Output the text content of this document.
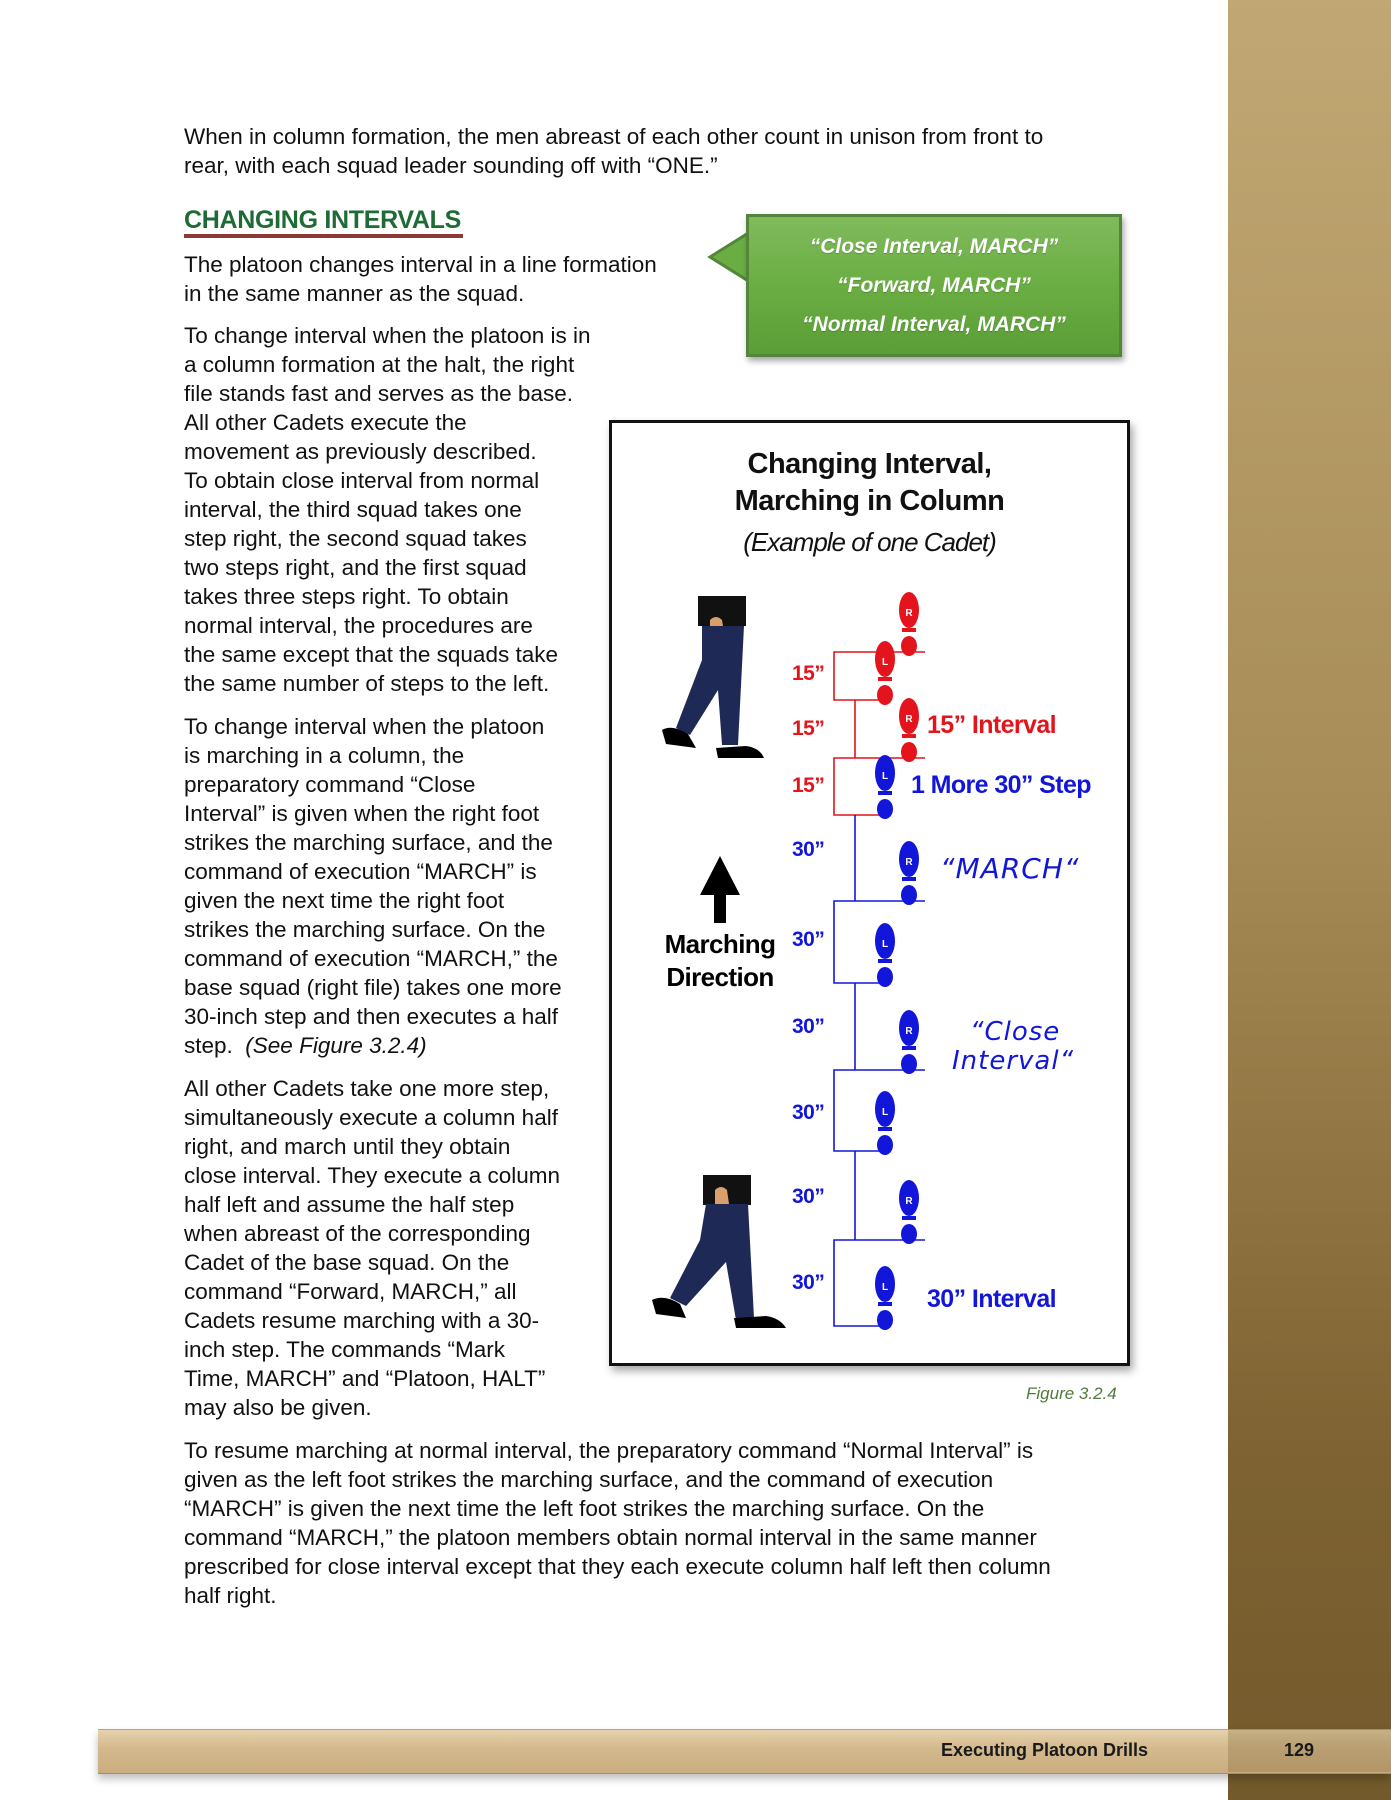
When in column formation, the men abreast of each other count in unison from front to

rear, with each squad leader sounding off with “ONE.”

CHANGING INTERVALS

The platoon changes interval in a line formation

in the same manner as the squad.

To change interval when the platoon is in

a column formation at the halt, the right

file stands fast and serves as the base.

All other Cadets execute the

movement as previously described.

To obtain close interval from normal

interval, the third squad takes one

step right, the second squad takes

two steps right, and the first squad

takes three steps right. To obtain

normal interval, the procedures are

the same except that the squads take

the same number of steps to the left.

To change interval when the platoon

is marching in a column, the

preparatory command “Close

Interval” is given when the right foot

strikes the marching surface, and the

command of execution “MARCH” is

given the next time the right foot

strikes the marching surface. On the

command of execution “MARCH,” the

base squad (right file) takes one more

30-inch step and then executes a half

step.  (See Figure 3.2.4)

All other Cadets take one more step,

simultaneously execute a column half

right, and march until they obtain

close interval. They execute a column

half left and assume the half step

when abreast of the corresponding

Cadet of the base squad. On the

command “Forward, MARCH,” all

Cadets resume marching with a 30-

inch step. The commands “Mark

Time, MARCH” and “Platoon, HALT”

may also be given.

To resume marching at normal interval, the preparatory command “Normal Interval” is

given as the left foot strikes the marching surface, and the command of execution

“MARCH” is given the next time the left foot strikes the marching surface. On the

command “MARCH,” the platoon members obtain normal interval in the same manner

prescribed for close interval except that they each execute column half left then column

half right.

“Close Interval, MARCH”
“Forward, MARCH”
“Normal Interval, MARCH”
Changing Interval,
Marching in Column
(Example of one Cadet)
R
L
R
L
R
L
R
L
R
L
15”
15”
15”
30”
30”
30”
30”
30”
30”
15” Interval
1 More 30” Step
“MARCH“
“Close
Interval“
30” Interval
Marching
Direction
Figure 3.2.4
Executing Platoon Drills	129
